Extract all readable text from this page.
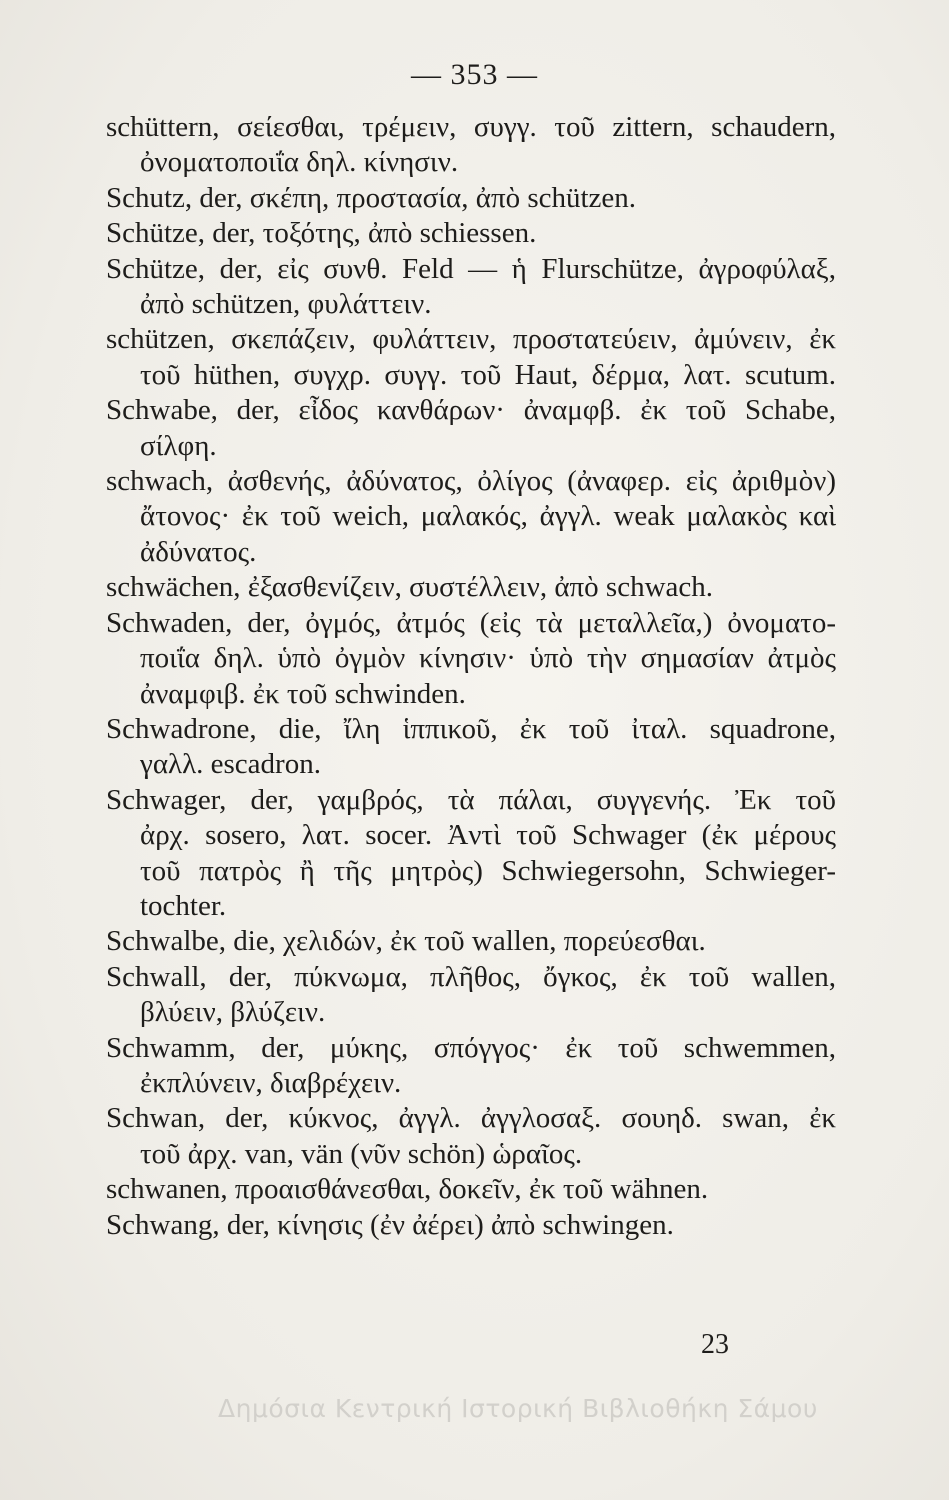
— 353 —
schüttern, σείεσθαι, τρέμειν, συγγ. τοῦ zittern, schaudern,
ὀνοματοποιΐα δηλ. κίνησιν.
Schutz, der, σκέπη, προστασία, ἀπὸ schützen.
Schütze, der, τοξότης, ἀπὸ schiessen.
Schütze, der, εἰς συνθ. Feld — ἡ Flurschütze, ἀγροφύλαξ,
ἀπὸ schützen, φυλάττειν.
schützen, σκεπάζειν, φυλάττειν, προστατεύειν, ἀμύνειν, ἐκ
τοῦ hüthen, συγχρ. συγγ. τοῦ Haut, δέρμα, λατ. scutum.
Schwabe, der, εἶδος κανθάρων· ἀναμφβ. ἐκ τοῦ Schabe,
σίλφη.
schwach, ἀσθενής, ἀδύνατος, ὀλίγος (ἀναφερ. εἰς ἀριθμὸν)
ἄτονος· ἐκ τοῦ weich, μαλακός, ἀγγλ. weak μαλακὸς καὶ
ἀδύνατος.
schwächen, ἐξασθενίζειν, συστέλλειν, ἀπὸ schwach.
Schwaden, der, ὀγμός, ἀτμός (εἰς τὰ μεταλλεῖα,) ὀνοματο-
ποιΐα δηλ. ὑπὸ ὀγμὸν κίνησιν· ὑπὸ τὴν σημασίαν ἀτμὸς
ἀναμφιβ. ἐκ τοῦ schwinden.
Schwadrone, die, ἴλη ἱππικοῦ, ἐκ τοῦ ἰταλ. squadrone,
γαλλ. escadron.
Schwager, der, γαμβρός, τὰ πάλαι, συγγενής. Ἐκ τοῦ
ἀρχ. sosero, λατ. socer. Ἀντὶ τοῦ Schwager (ἐκ μέρους
τοῦ πατρὸς ἢ τῆς μητρὸς) Schwiegersohn, Schwieger-
tochter.
Schwalbe, die, χελιδών, ἐκ τοῦ wallen, πορεύεσθαι.
Schwall, der, πύκνωμα, πλῆθος, ὄγκος, ἐκ τοῦ wallen,
βλύειν, βλύζειν.
Schwamm, der, μύκης, σπόγγος· ἐκ τοῦ schwemmen,
ἐκπλύνειν, διαβρέχειν.
Schwan, der, κύκνος, ἀγγλ. ἀγγλοσαξ. σουηδ. swan, ἐκ
τοῦ ἀρχ. van, vän (νῦν schön) ὡραῖος.
schwanen, προαισθάνεσθαι, δοκεῖν, ἐκ τοῦ wähnen.
Schwang, der, κίνησις (ἐν ἀέρει) ἀπὸ schwingen.
23
Δημόσια Κεντρική Ιστορική Βιβλιοθήκη Σάμου
